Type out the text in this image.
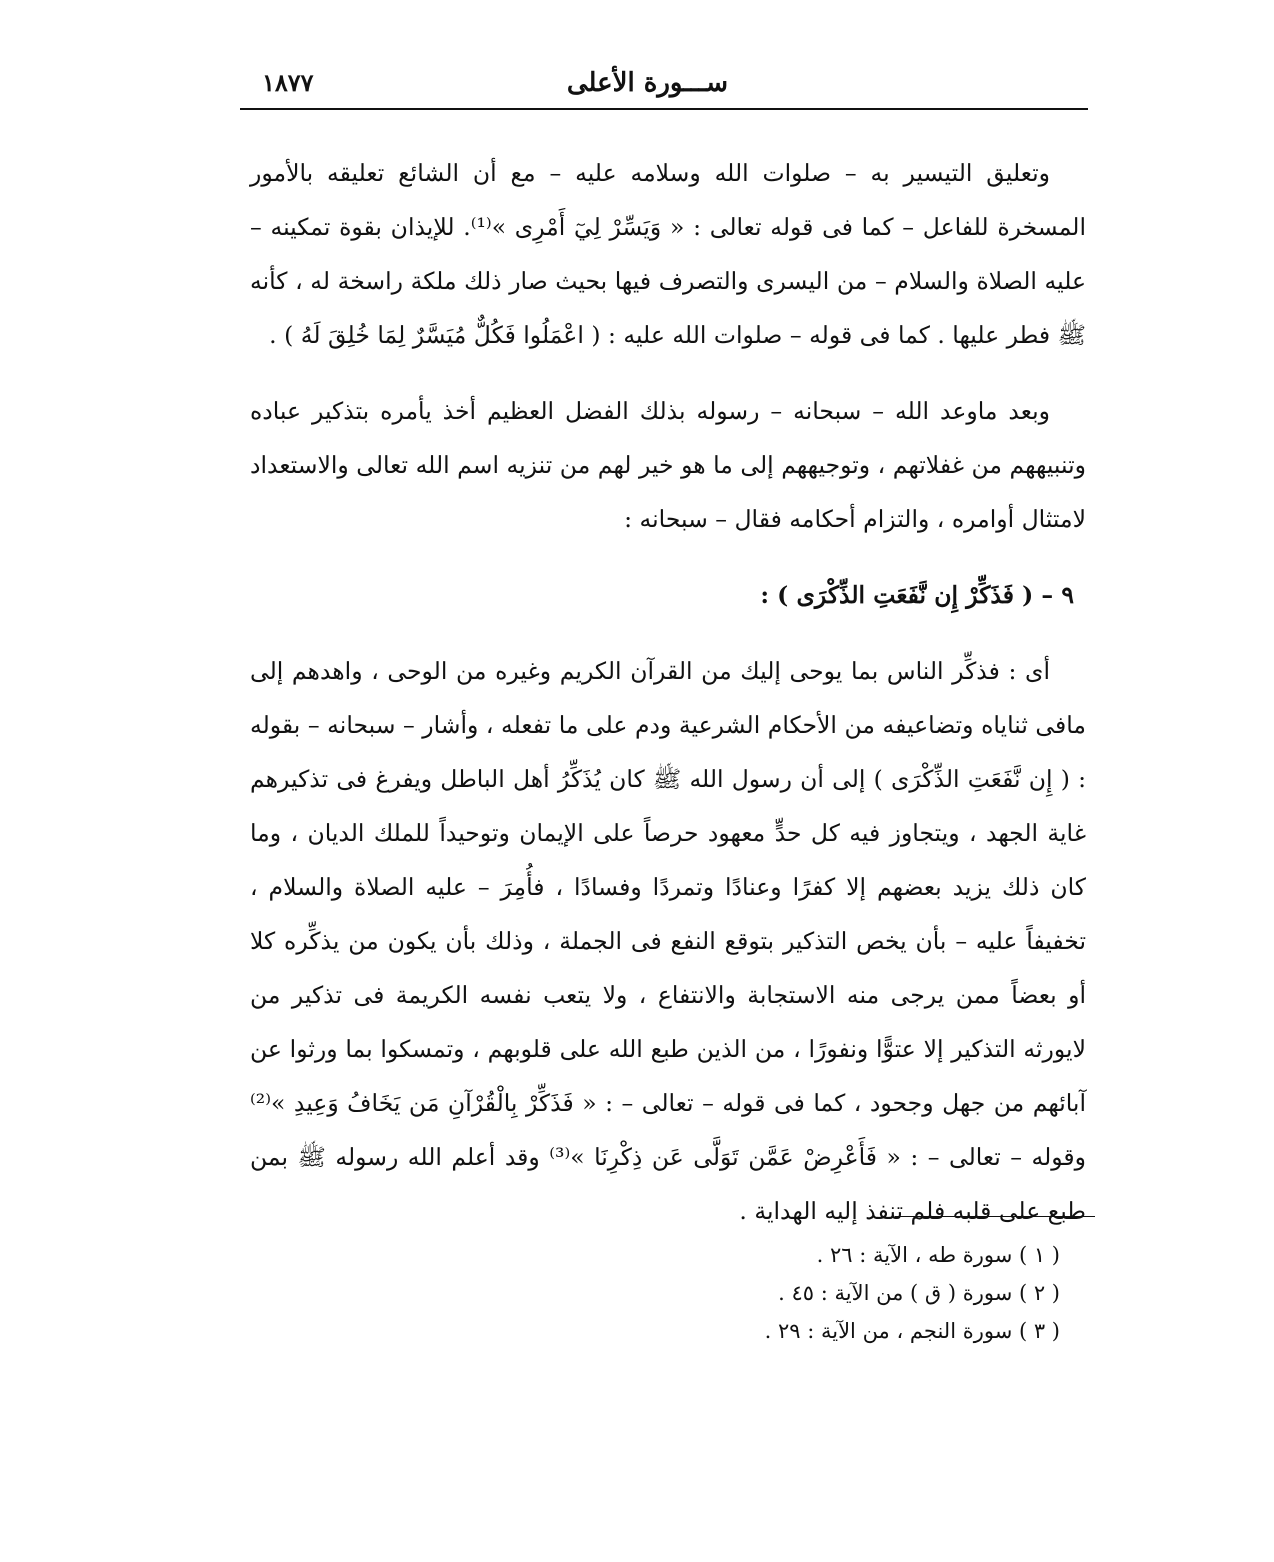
ســـورة الأعلى
١٨٧٧

وتعليق التيسير به – صلوات الله وسلامه عليه – مع أن الشائع تعليقه بالأمور المسخرة للفاعل – كما فى قوله تعالى : « وَيَسِّرْ لِيٓ أَمْرِى »⁽¹⁾. للإيذان بقوة تمكينه – عليه الصلاة والسلام – من اليسرى والتصرف فيها بحيث صار ذلك ملكة راسخة له ، كأنه ﷺ فطر عليها . كما فى قوله – صلوات الله عليه : ( اعْمَلُوا فَكُلٌّ مُيَسَّرٌ لِمَا خُلِقَ لَهُ ) .

وبعد ماوعد الله – سبحانه – رسوله بذلك الفضل العظيم أخذ يأمره بتذكير عباده وتنبيههم من غفلاتهم ، وتوجيههم إلى ما هو خير لهم من تنزيه اسم الله تعالى والاستعداد لامتثال أوامره ، والتزام أحكامه فقال – سبحانه :

٩ – ( فَذَكِّرْ إِن نَّفَعَتِ الذِّكْرَى ) :

أى : فذكِّر الناس بما يوحى إليك من القرآن الكريم وغيره من الوحى ، واهدهم إلى مافى ثناياه وتضاعيفه من الأحكام الشرعية ودم على ما تفعله ، وأشار – سبحانه – بقوله : ( إِن نَّفَعَتِ الذِّكْرَى ) إلى أن رسول الله ﷺ كان يُذَكِّرُ أهل الباطل ويفرغ فى تذكيرهم غاية الجهد ، ويتجاوز فيه كل حدٍّ معهود حرصاً على الإيمان وتوحيداً للملك الديان ، وما كان ذلك يزيد بعضهم إلا كفرًا وعنادًا وتمردًا وفسادًا ، فأُمِرَ – عليه الصلاة والسلام ، تخفيفاً عليه – بأن يخص التذكير بتوقع النفع فى الجملة ، وذلك بأن يكون من يذكِّره كلا أو بعضاً ممن يرجى منه الاستجابة والانتفاع ، ولا يتعب نفسه الكريمة فى تذكير من لايورثه التذكير إلا عتوًّا ونفورًا ، من الذين طبع الله على قلوبهم ، وتمسكوا بما ورثوا عن آبائهم من جهل وجحود ، كما فى قوله – تعالى – : « فَذَكِّرْ بِالْقُرْآنِ مَن يَخَافُ وَعِيدِ »⁽²⁾ وقوله – تعالى – : « فَأَعْرِضْ عَمَّن تَوَلَّى عَن ذِكْرِنَا »⁽³⁾ وقد أعلم الله رسوله ﷺ بمن طبع على قلبه فلم تنفذ إليه الهداية .

( ١ ) سورة طه ، الآية : ٢٦ .

( ٢ ) سورة ( ق ) من الآية : ٤٥ .

( ٣ ) سورة النجم ، من الآية : ٢٩ .
